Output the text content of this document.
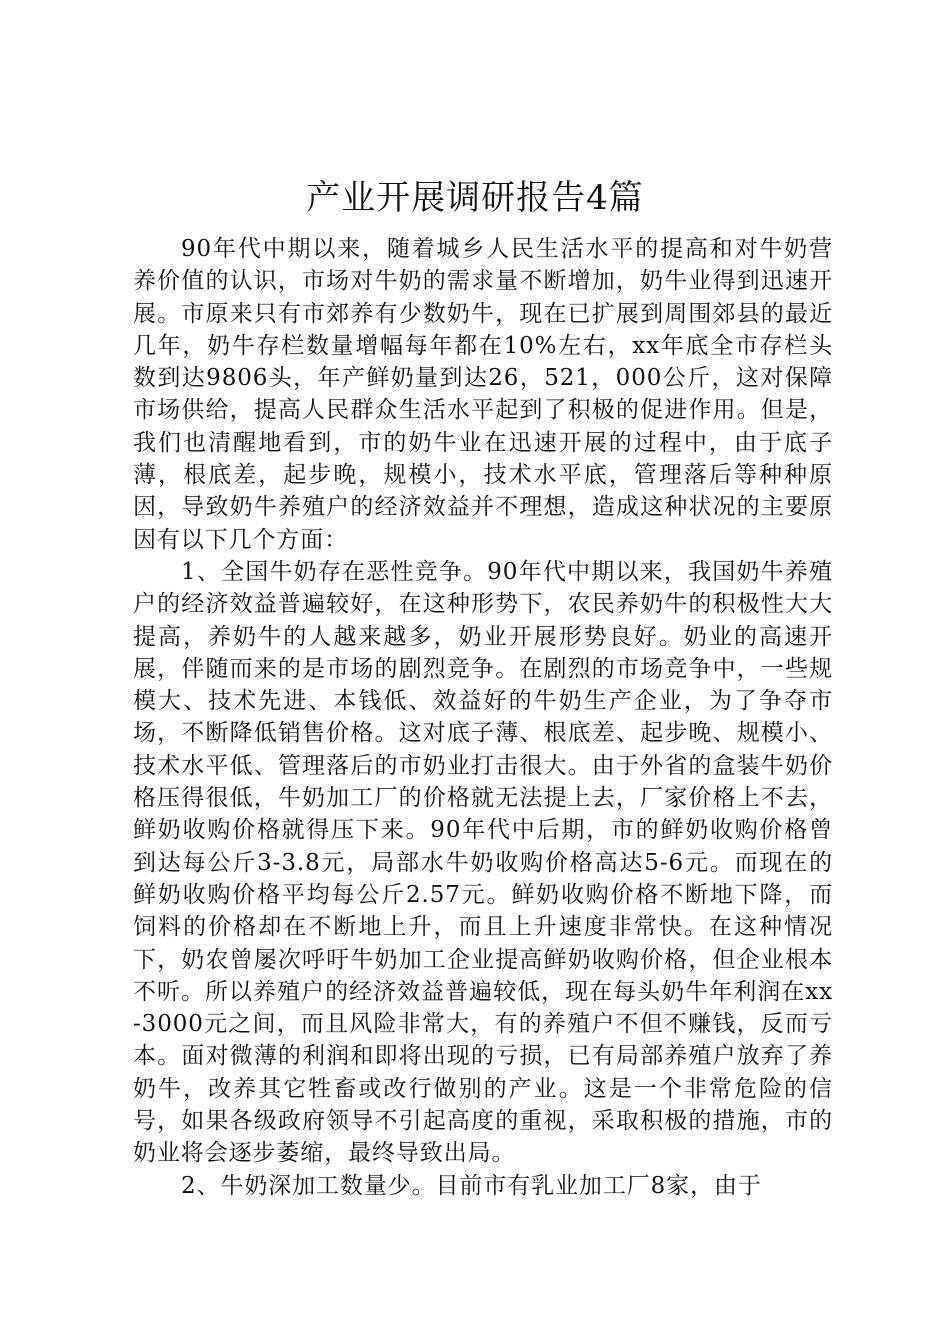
产业开展调研报告4篇

90年代中期以来，随着城乡人民生活水平的提高和对牛奶营养价值的认识，市场对牛奶的需求量不断增加，奶牛业得到迅速开展。市原来只有市郊养有少数奶牛，现在已扩展到周围郊县的最近几年，奶牛存栏数量增幅每年都在10%左右，xx年底全市存栏头数到达9806头，年产鲜奶量到达26，521，000公斤，这对保障市场供给，提高人民群众生活水平起到了积极的促进作用。但是，我们也清醒地看到，市的奶牛业在迅速开展的过程中，由于底子薄，根底差，起步晚，规模小，技术水平底，管理落后等种种原因，导致奶牛养殖户的经济效益并不理想，造成这种状况的主要原因有以下几个方面：

1、全国牛奶存在恶性竞争。90年代中期以来，我国奶牛养殖户的经济效益普遍较好，在这种形势下，农民养奶牛的积极性大大提高，养奶牛的人越来越多，奶业开展形势良好。奶业的高速开展，伴随而来的是市场的剧烈竞争。在剧烈的市场竞争中，一些规模大、技术先进、本钱低、效益好的牛奶生产企业，为了争夺市场，不断降低销售价格。这对底子薄、根底差、起步晚、规模小、技术水平低、管理落后的市奶业打击很大。由于外省的盒装牛奶价格压得很低，牛奶加工厂的价格就无法提上去，厂家价格上不去，鲜奶收购价格就得压下来。90年代中后期，市的鲜奶收购价格曾到达每公斤3-3.8元，局部水牛奶收购价格高达5-6元。而现在的鲜奶收购价格平均每公斤2.57元。鲜奶收购价格不断地下降，而饲料的价格却在不断地上升，而且上升速度非常快。在这种情况下，奶农曾屡次呼吁牛奶加工企业提高鲜奶收购价格，但企业根本不听。所以养殖户的经济效益普遍较低，现在每头奶牛年利润在xx-3000元之间，而且风险非常大，有的养殖户不但不赚钱，反而亏本。面对微薄的利润和即将出现的亏损，已有局部养殖户放弃了养奶牛，改养其它牲畜或改行做别的产业。这是一个非常危险的信号，如果各级政府领导不引起高度的重视，采取积极的措施，市的奶业将会逐步萎缩，最终导致出局。

2、牛奶深加工数量少。目前市有乳业加工厂8家，由于
